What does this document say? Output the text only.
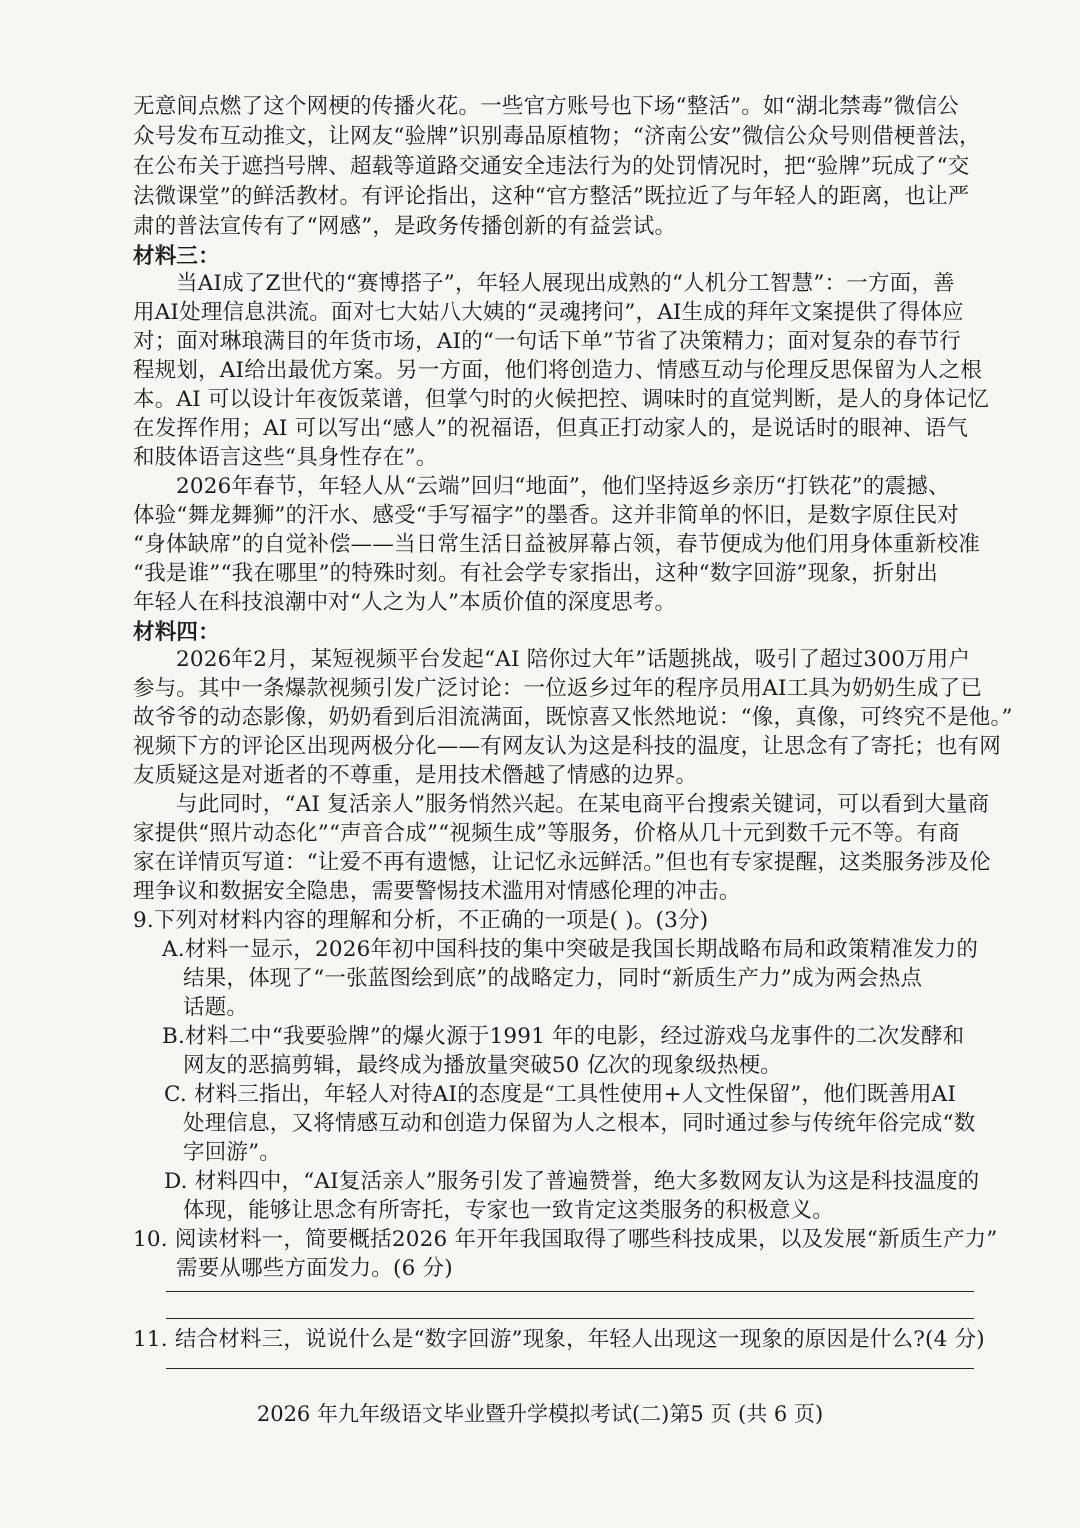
无意间点燃了这个网梗的传播火花。一些官方账号也下场“整活”。如“湖北禁毒”微信公
众号发布互动推文，让网友“验牌”识别毒品原植物；“济南公安”微信公众号则借梗普法，
在公布关于遮挡号牌、超载等道路交通安全违法行为的处罚情况时，把“验牌”玩成了“交
法微课堂”的鲜活教材。有评论指出，这种“官方整活”既拉近了与年轻人的距离，也让严
肃的普法宣传有了“网感”，是政务传播创新的有益尝试。
材料三：
当AI成了Z世代的“赛博搭子”，年轻人展现出成熟的“人机分工智慧”：一方面，善
用AI处理信息洪流。面对七大姑八大姨的“灵魂拷问”，AI生成的拜年文案提供了得体应
对；面对琳琅满目的年货市场，AI的“一句话下单”节省了决策精力；面对复杂的春节行
程规划，AI给出最优方案。另一方面，他们将创造力、情感互动与伦理反思保留为人之根
本。AI 可以设计年夜饭菜谱，但掌勺时的火候把控、调味时的直觉判断，是人的身体记忆
在发挥作用；AI 可以写出“感人”的祝福语，但真正打动家人的，是说话时的眼神、语气
和肢体语言这些“具身性存在”。
2026年春节，年轻人从“云端”回归“地面”，他们坚持返乡亲历“打铁花”的震撼、
体验“舞龙舞狮”的汗水、感受“手写福字”的墨香。这并非简单的怀旧，是数字原住民对
“身体缺席”的自觉补偿——当日常生活日益被屏幕占领，春节便成为他们用身体重新校准
“我是谁”“我在哪里”的特殊时刻。有社会学专家指出，这种“数字回游”现象，折射出
年轻人在科技浪潮中对“人之为人”本质价值的深度思考。
材料四：
2026年2月，某短视频平台发起“AI 陪你过大年”话题挑战，吸引了超过300万用户
参与。其中一条爆款视频引发广泛讨论：一位返乡过年的程序员用AI工具为奶奶生成了已
故爷爷的动态影像，奶奶看到后泪流满面，既惊喜又怅然地说：“像，真像，可终究不是他。”
视频下方的评论区出现两极分化——有网友认为这是科技的温度，让思念有了寄托；也有网
友质疑这是对逝者的不尊重，是用技术僭越了情感的边界。
与此同时，“AI 复活亲人”服务悄然兴起。在某电商平台搜索关键词，可以看到大量商
家提供“照片动态化”“声音合成”“视频生成”等服务，价格从几十元到数千元不等。有商
家在详情页写道：“让爱不再有遗憾，让记忆永远鲜活。”但也有专家提醒，这类服务涉及伦
理争议和数据安全隐患，需要警惕技术滥用对情感伦理的冲击。
9.下列对材料内容的理解和分析，不正确的一项是( )。(3分)
A.材料一显示，2026年初中国科技的集中突破是我国长期战略布局和政策精准发力的
结果，体现了“一张蓝图绘到底”的战略定力，同时“新质生产力”成为两会热点
话题。
B.材料二中“我要验牌”的爆火源于1991 年的电影，经过游戏乌龙事件的二次发酵和
网友的恶搞剪辑，最终成为播放量突破50 亿次的现象级热梗。
C. 材料三指出，年轻人对待AI的态度是“工具性使用+人文性保留”，他们既善用AI
处理信息，又将情感互动和创造力保留为人之根本，同时通过参与传统年俗完成“数
字回游”。
D. 材料四中，“AI复活亲人”服务引发了普遍赞誉，绝大多数网友认为这是科技温度的
体现，能够让思念有所寄托，专家也一致肯定这类服务的积极意义。
10. 阅读材料一，简要概括2026 年开年我国取得了哪些科技成果，以及发展“新质生产力”
需要从哪些方面发力。(6 分)
11. 结合材料三，说说什么是“数字回游”现象，年轻人出现这一现象的原因是什么?(4 分)
2026 年九年级语文毕业暨升学模拟考试(二)第5 页 (共 6 页)
